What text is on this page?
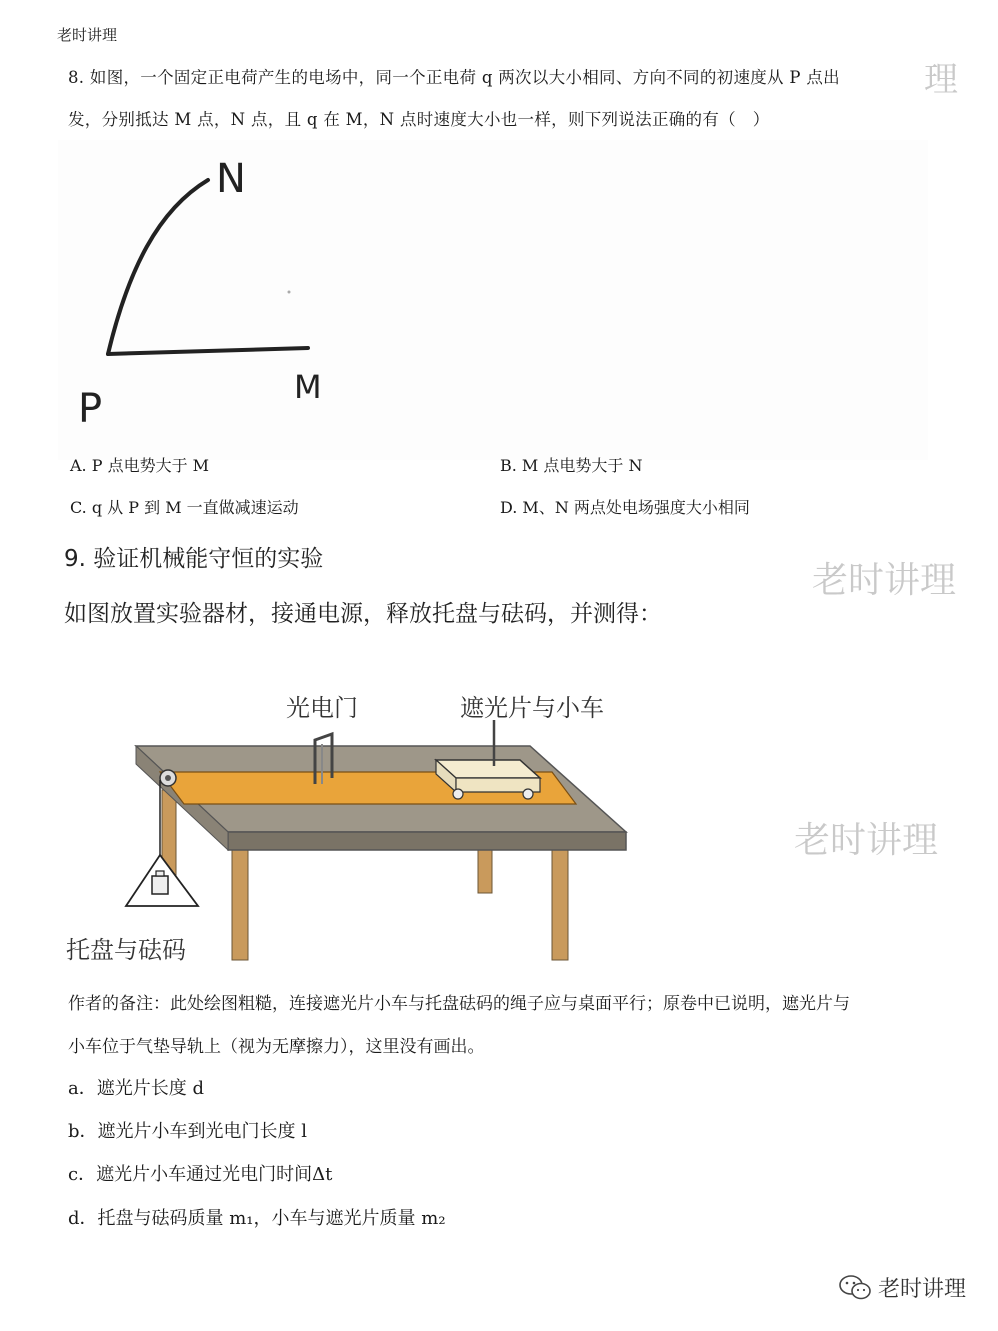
老时讲理
8. 如图，一个固定正电荷产生的电场中，同一个正电荷 q 两次以大小相同、方向不同的初速度从 P 点出 理
发，分别抵达 M 点，N 点，且 q 在 M，N 点时速度大小也一样，则下列说法正确的有（　）
N
P	M
A. P 点电势大于 M	B. M 点电势大于 N
C. q 从 P 到 M 一直做减速运动	D. M、N 两点处电场强度大小相同
9. 验证机械能守恒的实验
老时讲理
如图放置实验器材，接通电源，释放托盘与砝码，并测得：
光电门	遮光片与小车
托盘与砝码
老时讲理
作者的备注：此处绘图粗糙，连接遮光片小车与托盘砝码的绳子应与桌面平行；原卷中已说明，遮光片与
小车位于气垫导轨上（视为无摩擦力），这里没有画出。
a．遮光片长度 d
b．遮光片小车到光电门长度 l
c．遮光片小车通过光电门时间Δt
d．托盘与砝码质量 m₁，小车与遮光片质量 m₂
老时讲理
